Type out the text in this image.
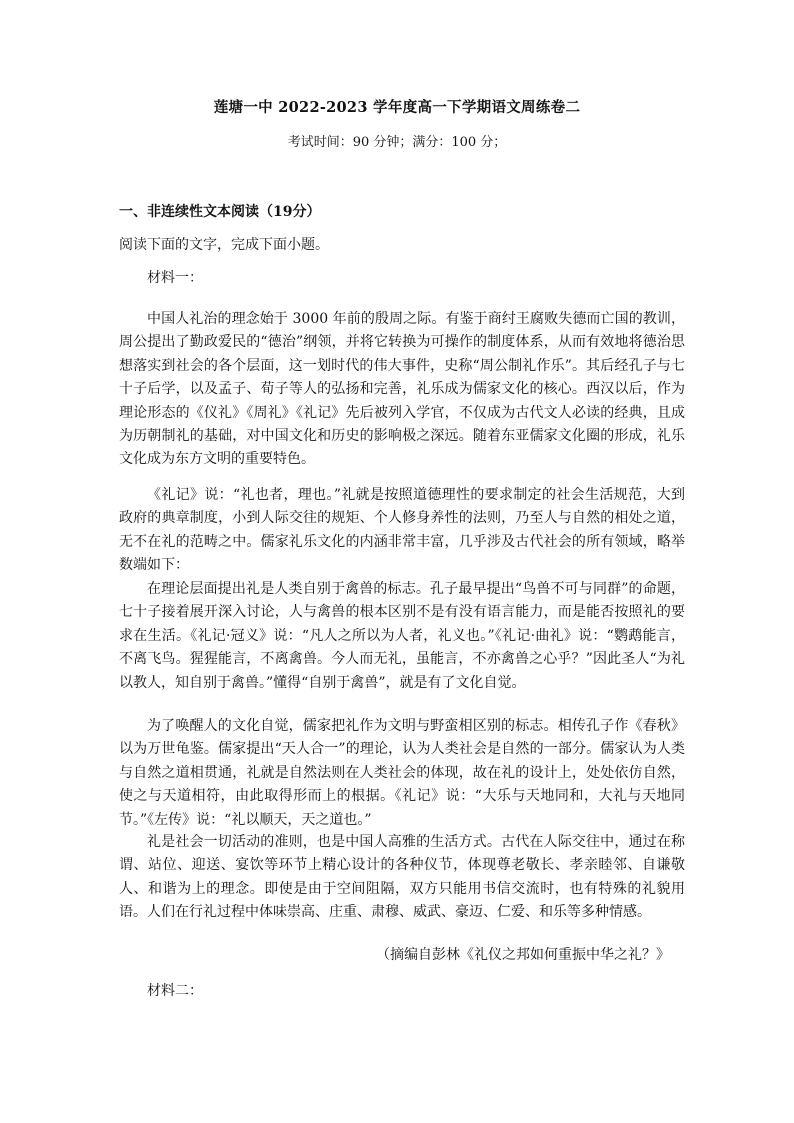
莲塘一中 2022-2023 学年度高一下学期语文周练卷二
考试时间：90 分钟；满分：100 分；
一、非连续性文本阅读（19分）
阅读下面的文字，完成下面小题。
材料一：

中国人礼治的理念始于 3000 年前的殷周之际。有鉴于商纣王腐败失德而亡国的教训，周公提出了勤政爱民的“德治”纲领，并将它转换为可操作的制度体系，从而有效地将德治思想落实到社会的各个层面，这一划时代的伟大事件，史称“周公制礼作乐”。其后经孔子与七十子后学，以及孟子、荀子等人的弘扬和完善，礼乐成为儒家文化的核心。西汉以后，作为理论形态的《仪礼》《周礼》《礼记》先后被列入学官，不仅成为古代文人必读的经典，且成为历朝制礼的基础，对中国文化和历史的影响极之深远。随着东亚儒家文化圈的形成，礼乐文化成为东方文明的重要特色。

《礼记》说：“礼也者，理也。”礼就是按照道德理性的要求制定的社会生活规范，大到政府的典章制度，小到人际交往的规矩、个人修身养性的法则，乃至人与自然的相处之道，无不在礼的范畴之中。儒家礼乐文化的内涵非常丰富，几乎涉及古代社会的所有领域，略举数端如下：

在理论层面提出礼是人类自别于禽兽的标志。孔子最早提出“鸟兽不可与同群”的命题，七十子接着展开深入讨论，人与禽兽的根本区别不是有没有语言能力，而是能否按照礼的要求在生活。《礼记·冠义》说：“凡人之所以为人者，礼义也。”《礼记·曲礼》说：“鹦鹉能言，不离飞鸟。猩猩能言，不离禽兽。今人而无礼，虽能言，不亦禽兽之心乎？”因此圣人“为礼以教人，知自别于禽兽。”懂得“自别于禽兽”，就是有了文化自觉。

为了唤醒人的文化自觉，儒家把礼作为文明与野蛮相区别的标志。相传孔子作《春秋》以为万世龟鉴。儒家提出“天人合一”的理论，认为人类社会是自然的一部分。儒家认为人类与自然之道相贯通，礼就是自然法则在人类社会的体现，故在礼的设计上，处处依仿自然，使之与天道相符，由此取得形而上的根据。《礼记》说：“大乐与天地同和，大礼与天地同节。”《左传》说：“礼以顺天，天之道也。”

礼是社会一切活动的准则，也是中国人高雅的生活方式。古代在人际交往中，通过在称谓、站位、迎送、宴饮等环节上精心设计的各种仪节，体现尊老敬长、孝亲睦邻、自谦敬人、和谐为上的理念。即使是由于空间阻隔，双方只能用书信交流时，也有特殊的礼貌用语。人们在行礼过程中体味崇高、庄重、肃穆、威武、豪迈、仁爱、和乐等多种情感。

（摘编自彭林《礼仪之邦如何重振中华之礼？》
材料二：
